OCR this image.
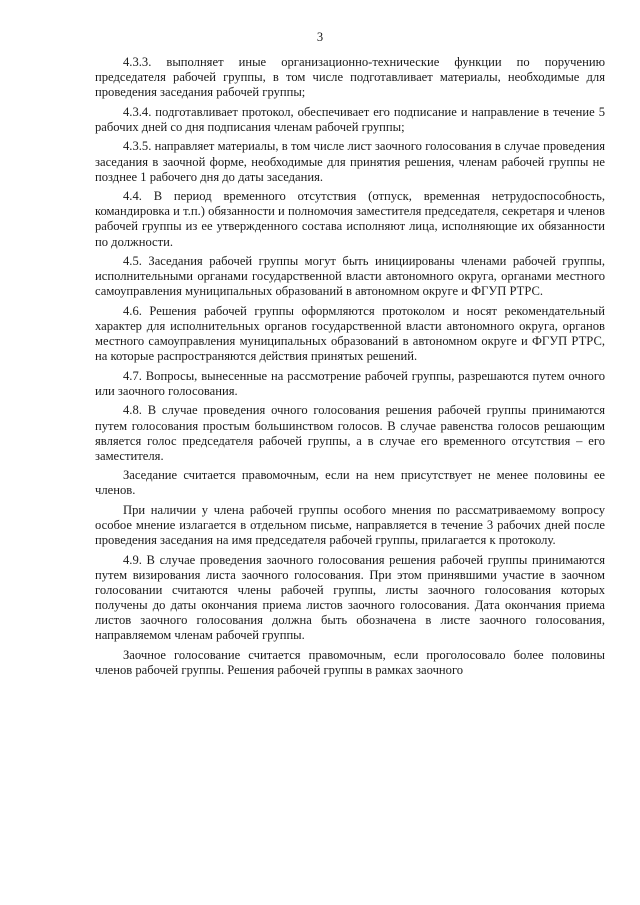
3

4.3.3. выполняет иные организационно-технические функции по поручению председателя рабочей группы, в том числе подготавливает материалы, необходимые для проведения заседания рабочей группы;

4.3.4. подготавливает протокол, обеспечивает его подписание и направление в течение 5 рабочих дней со дня подписания членам рабочей группы;

4.3.5. направляет материалы, в том числе лист заочного голосования в случае проведения заседания в заочной форме, необходимые для принятия решения, членам рабочей группы не позднее 1 рабочего дня до даты заседания.

4.4. В период временного отсутствия (отпуск, временная нетрудоспособность, командировка и т.п.) обязанности и полномочия заместителя председателя, секретаря и членов рабочей группы из ее утвержденного состава исполняют лица, исполняющие их обязанности по должности.

4.5. Заседания рабочей группы могут быть инициированы членами рабочей группы, исполнительными органами государственной власти автономного округа, органами местного самоуправления муниципальных образований в автономном округе и ФГУП РТРС.

4.6. Решения рабочей группы оформляются протоколом и носят рекомендательный характер для исполнительных органов государственной власти автономного округа, органов местного самоуправления муниципальных образований в автономном округе и ФГУП РТРС, на которые распространяются действия принятых решений.

4.7. Вопросы, вынесенные на рассмотрение рабочей группы, разрешаются путем очного или заочного голосования.

4.8. В случае проведения очного голосования решения рабочей группы принимаются путем голосования простым большинством голосов. В случае равенства голосов решающим является голос председателя рабочей группы, а в случае его временного отсутствия – его заместителя.

Заседание считается правомочным, если на нем присутствует не менее половины ее членов.

При наличии у члена рабочей группы особого мнения по рассматриваемому вопросу особое мнение излагается в отдельном письме, направляется в течение 3 рабочих дней после проведения заседания на имя председателя рабочей группы, прилагается к протоколу.

4.9. В случае проведения заочного голосования решения рабочей группы принимаются путем визирования листа заочного голосования. При этом принявшими участие в заочном голосовании считаются члены рабочей группы, листы заочного голосования которых получены до даты окончания приема листов заочного голосования. Дата окончания приема листов заочного голосования должна быть обозначена в листе заочного голосования, направляемом членам рабочей группы.

Заочное голосование считается правомочным, если проголосовало более половины членов рабочей группы. Решения рабочей группы в рамках заочного
